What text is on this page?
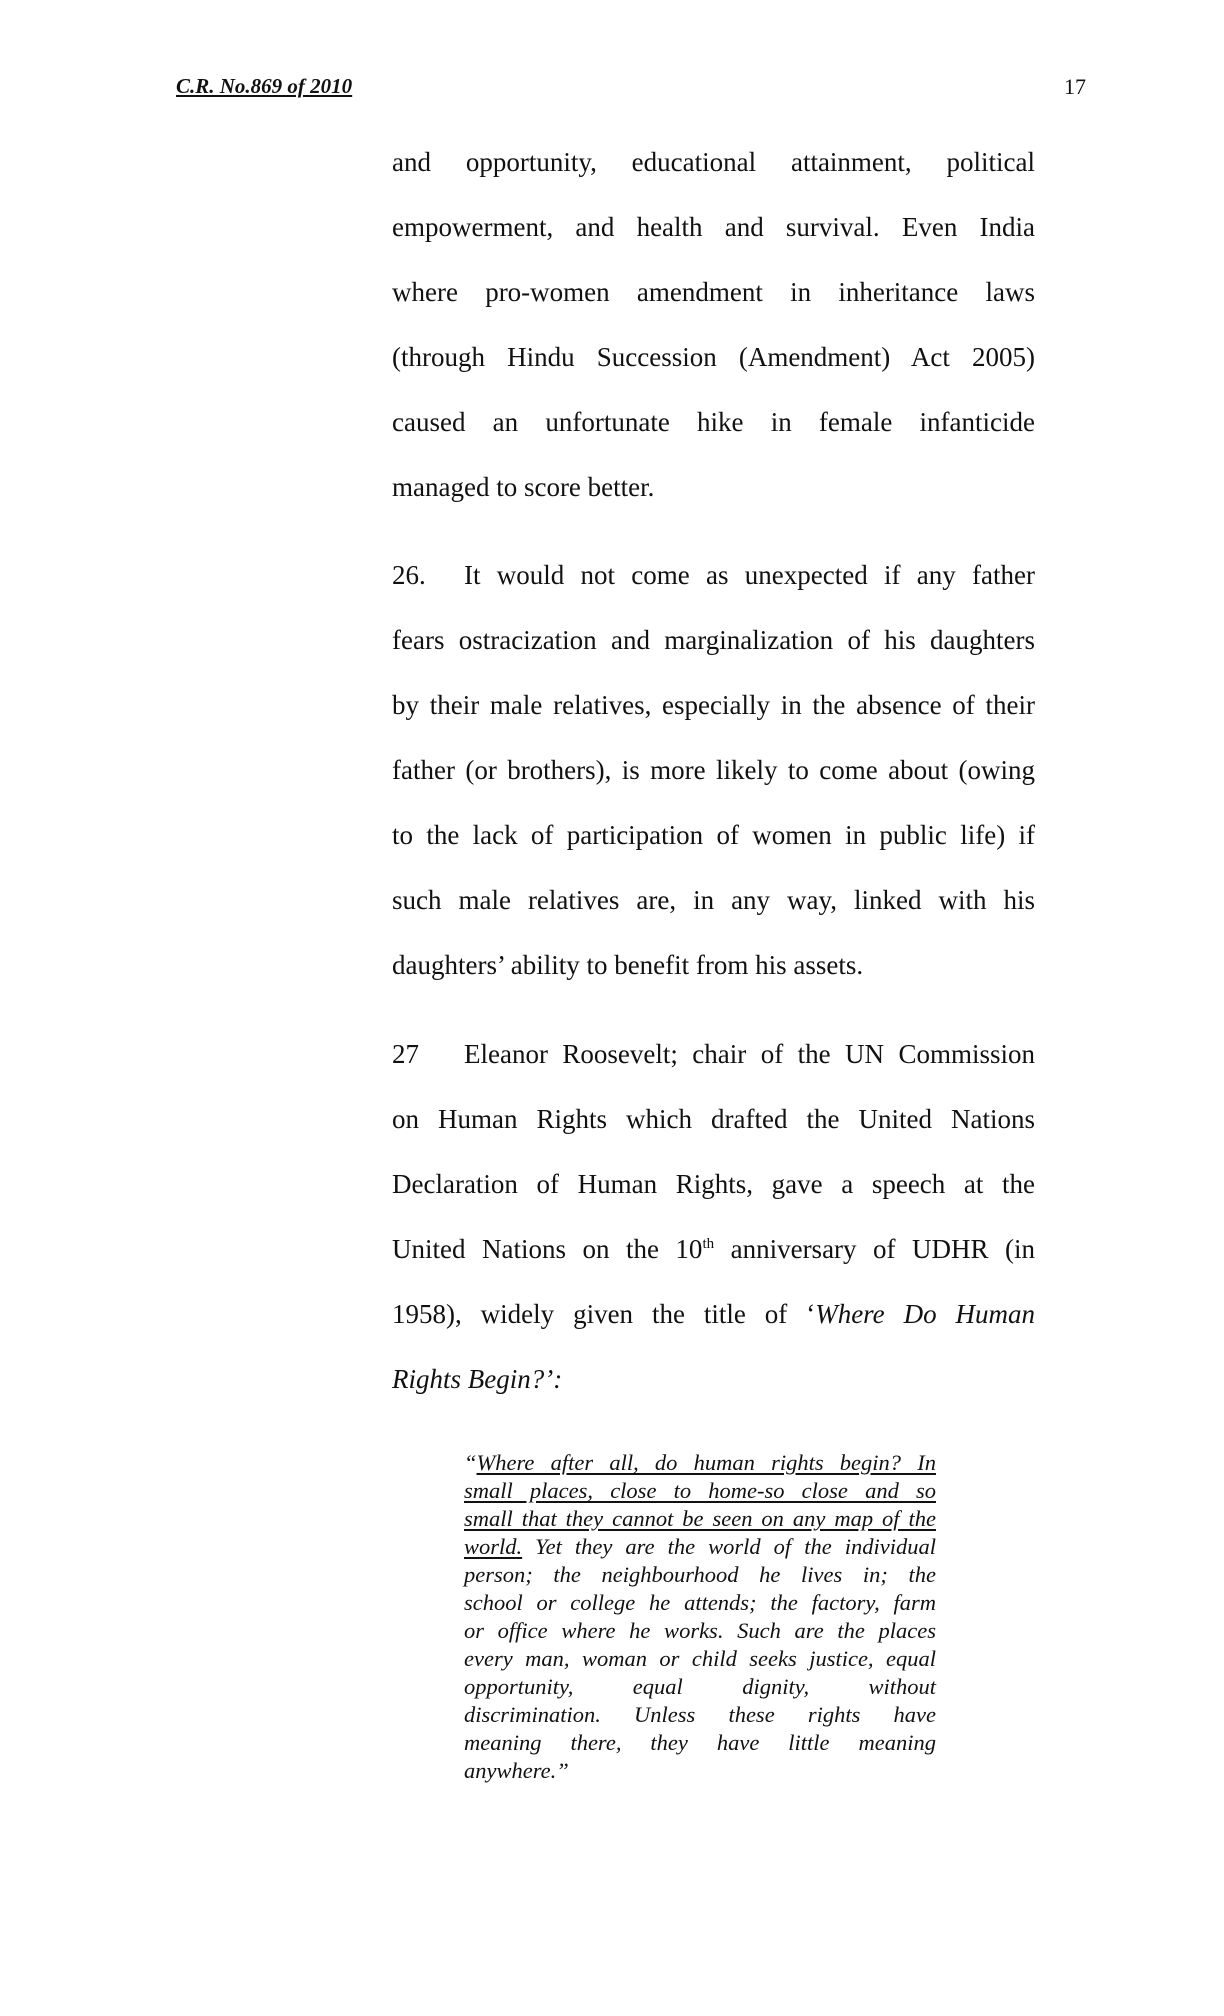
C.R. No.869 of 2010	17
and opportunity, educational attainment, political
empowerment, and health and survival. Even India
where pro-women amendment in inheritance laws
(through Hindu Succession (Amendment) Act 2005)
caused an unfortunate hike in female infanticide
managed to score better.
26. It would not come as unexpected if any father
fears ostracization and marginalization of his daughters
by their male relatives, especially in the absence of their
father (or brothers), is more likely to come about (owing
to the lack of participation of women in public life) if
such male relatives are, in any way, linked with his
daughters’ ability to benefit from his assets.
27 Eleanor Roosevelt; chair of the UN Commission
on Human Rights which drafted the United Nations
Declaration of Human Rights, gave a speech at the
United Nations on the 10th anniversary of UDHR (in
1958), widely given the title of ‘Where Do Human
Rights Begin?’:
“Where after all, do human rights begin? In
small places, close to home-so close and so
small that they cannot be seen on any map of the
world. Yet they are the world of the individual
person; the neighbourhood he lives in; the
school or college he attends; the factory, farm
or office where he works. Such are the places
every man, woman or child seeks justice, equal
opportunity, equal dignity, without
discrimination. Unless these rights have
meaning there, they have little meaning
anywhere.”
